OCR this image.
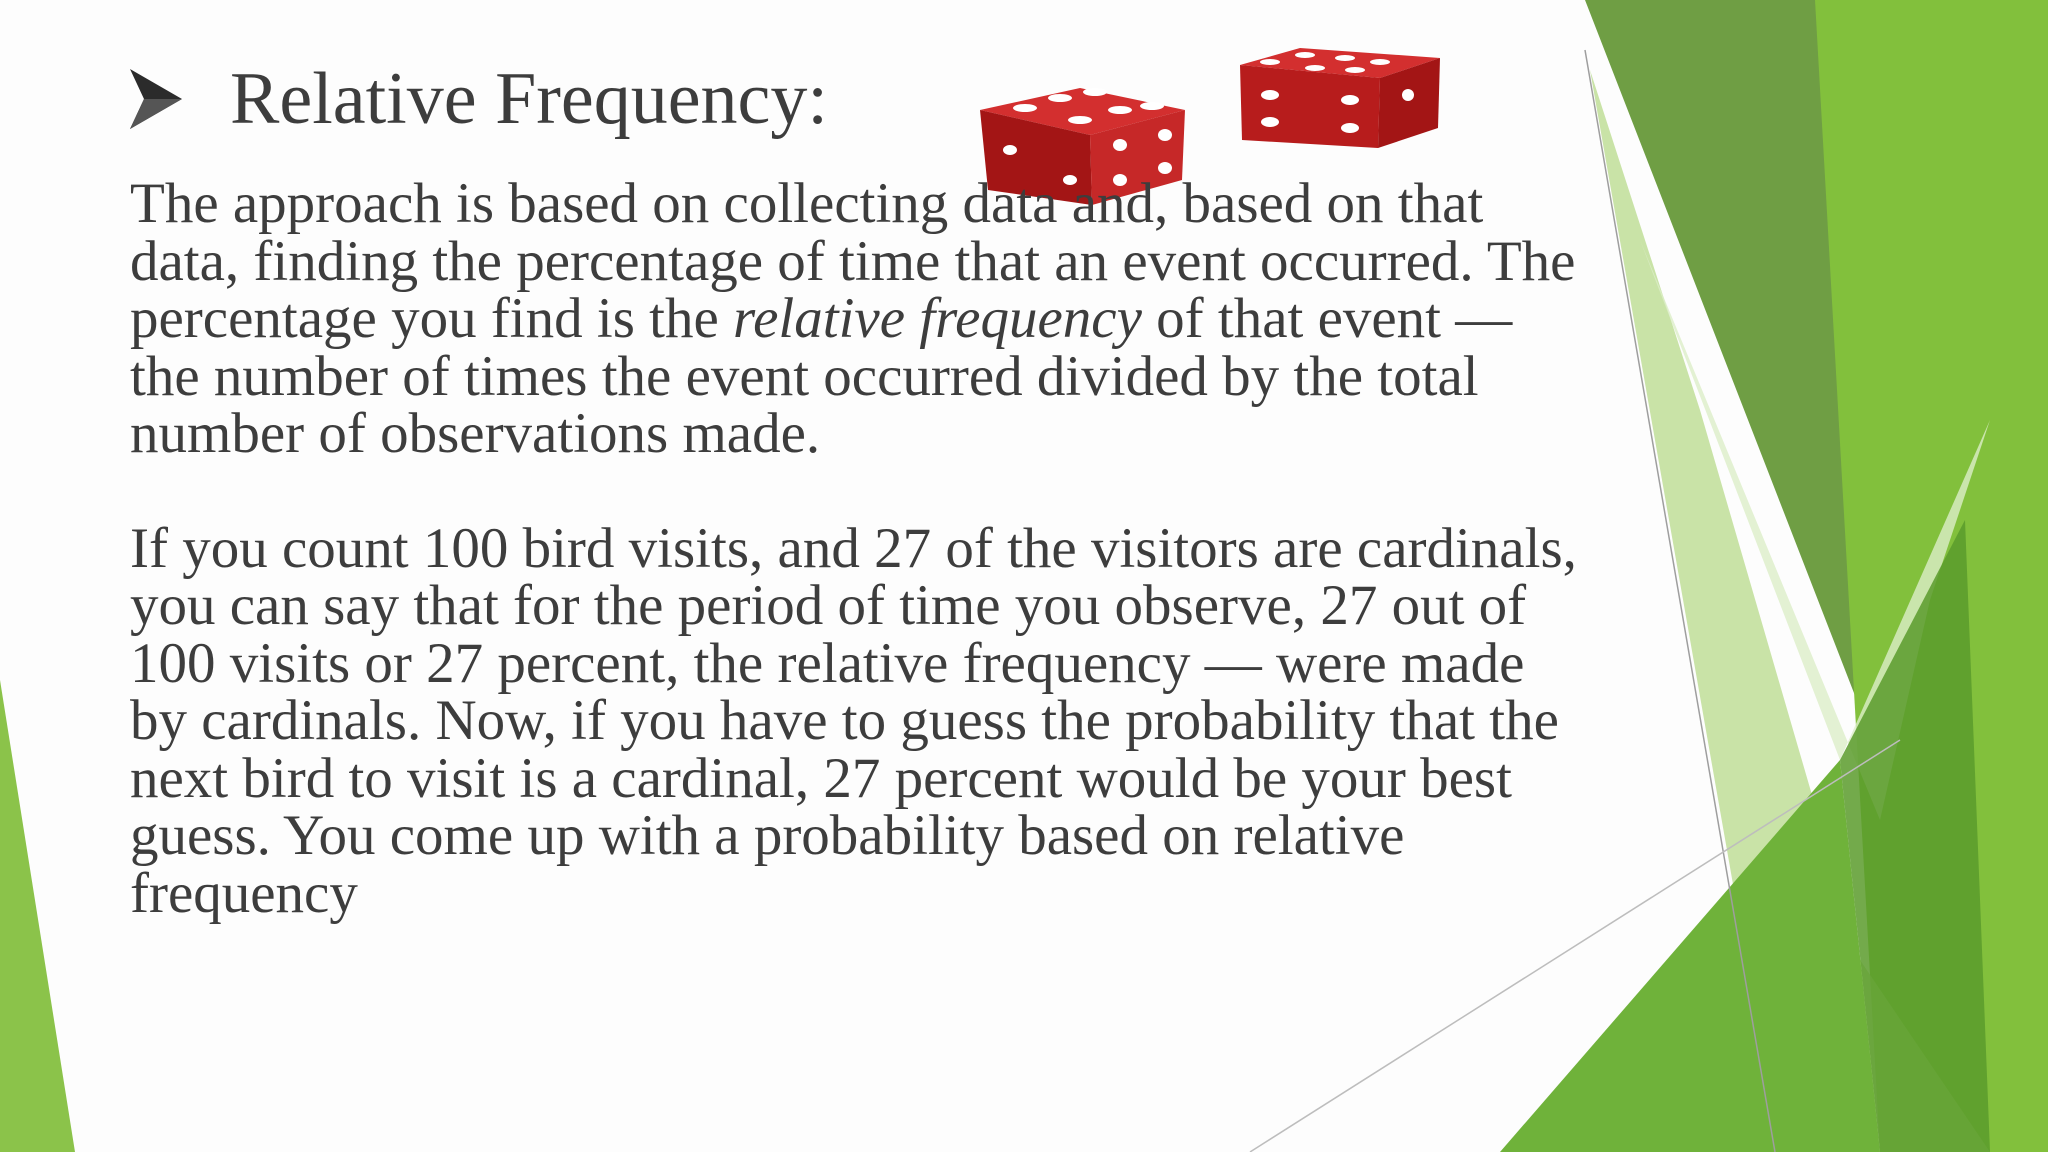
Relative Frequency:

The approach is based on collecting data and, based on that data, finding the percentage of time that an event occurred. The percentage you find is the relative frequency of that event — the number of times the event occurred divided by the total number of observations made.

If you count 100 bird visits, and 27 of the visitors are cardinals, you can say that for the period of time you observe, 27 out of 100 visits or 27 percent, the relative frequency — were made by cardinals. Now, if you have to guess the probability that the next bird to visit is a cardinal, 27 percent would be your best guess. You come up with a probability based on relative frequency
